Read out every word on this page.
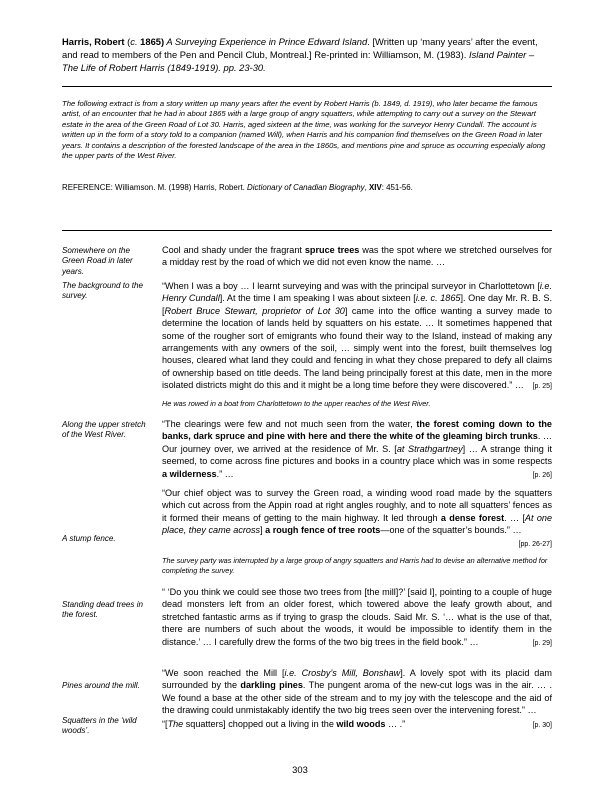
Harris, Robert (c. 1865) A Surveying Experience in Prince Edward Island. [Written up ‘many years’ after the event, and read to members of the Pen and Pencil Club, Montreal.] Re-printed in: Williamson, M. (1983). Island Painter – The Life of Robert Harris (1849-1919). pp. 23-30.
The following extract is from a story written up many years after the event by Robert Harris (b. 1849, d. 1919), who later became the famous artist, of an encounter that he had in about 1865 with a large group of angry squatters, while attempting to carry out a survey on the Stewart estate in the area of the Green Road of Lot 30. Harris, aged sixteen at the time, was working for the surveyor Henry Cundall. The account is written up in the form of a story told to a companion (named Will), when Harris and his companion find themselves on the Green Road in later years. It contains a description of the forested landscape of the area in the 1860s, and mentions pine and spruce as occurring especially along the upper parts of the West River.
REFERENCE: Williamson. M. (1998) Harris, Robert. Dictionary of Canadian Biography, XIV: 451-56.
Somewhere on the Green Road in later years.
The background to the survey.
Along the upper stretch of the West River.
A stump fence.
Standing dead trees in the forest.
Pines around the mill.
Squatters in the ‘wild woods’.
Cool and shady under the fragrant spruce trees was the spot where we stretched ourselves for a midday rest by the road of which we did not even know the name. …
“When I was a boy … I learnt surveying and was with the principal surveyor in Charlottetown [i.e. Henry Cundall]. At the time I am speaking I was about sixteen [i.e. c. 1865]. One day Mr. R. B. S. [Robert Bruce Stewart, proprietor of Lot 30] came into the office wanting a survey made to determine the location of lands held by squatters on his estate. … It sometimes happened that some of the rougher sort of emigrants who found their way to the Island, instead of making any arrangements with any owners of the soil, … simply went into the forest, built themselves log houses, cleared what land they could and fencing in what they chose prepared to defy all claims of ownership based on title deeds. The land being principally forest at this date, men in the more isolated districts might do this and it might be a long time before they were discovered.” … [p. 25]
He was rowed in a boat from Charlottetown to the upper reaches of the West River.
“The clearings were few and not much seen from the water, the forest coming down to the banks, dark spruce and pine with here and there the white of the gleaming birch trunks. … Our journey over, we arrived at the residence of Mr. S. [at Strathgartney] … A strange thing it seemed, to come across fine pictures and books in a country place which was in some respects a wilderness.” …	[p. 26]
“Our chief object was to survey the Green road, a winding wood road made by the squatters which cut across from the Appin road at right angles roughly, and to note all squatters’ fences as it formed their means of getting to the main highway. It led through a dense forest. … [At one place, they came across] a rough fence of tree roots—one of the squatter’s bounds.” …
[pp. 26-27]
The survey party was interrupted by a large group of angry squatters and Harris had to devise an alternative method for completing the survey.
“ ‘Do you think we could see those two trees from [the mill]?’ [said I], pointing to a couple of huge dead monsters left from an older forest, which towered above the leafy growth about, and stretched fantastic arms as if trying to grasp the clouds. Said Mr. S. ‘… what is the use of that, there are numbers of such about the woods, it would be impossible to identify them in the distance.’ … I carefully drew the forms of the two big trees in the field book.” …	[p. 29]
“We soon reached the Mill [i.e. Crosby’s Mill, Bonshaw]. A lovely spot with its placid dam surrounded by the darkling pines. The pungent aroma of the new-cut logs was in the air. … . We found a base at the other side of the stream and to my joy with the telescope and the aid of the drawing could unmistakably identify the two big trees seen over the intervening forest.” …
“[The squatters] chopped out a living in the wild woods … .”	[p. 30]
303
